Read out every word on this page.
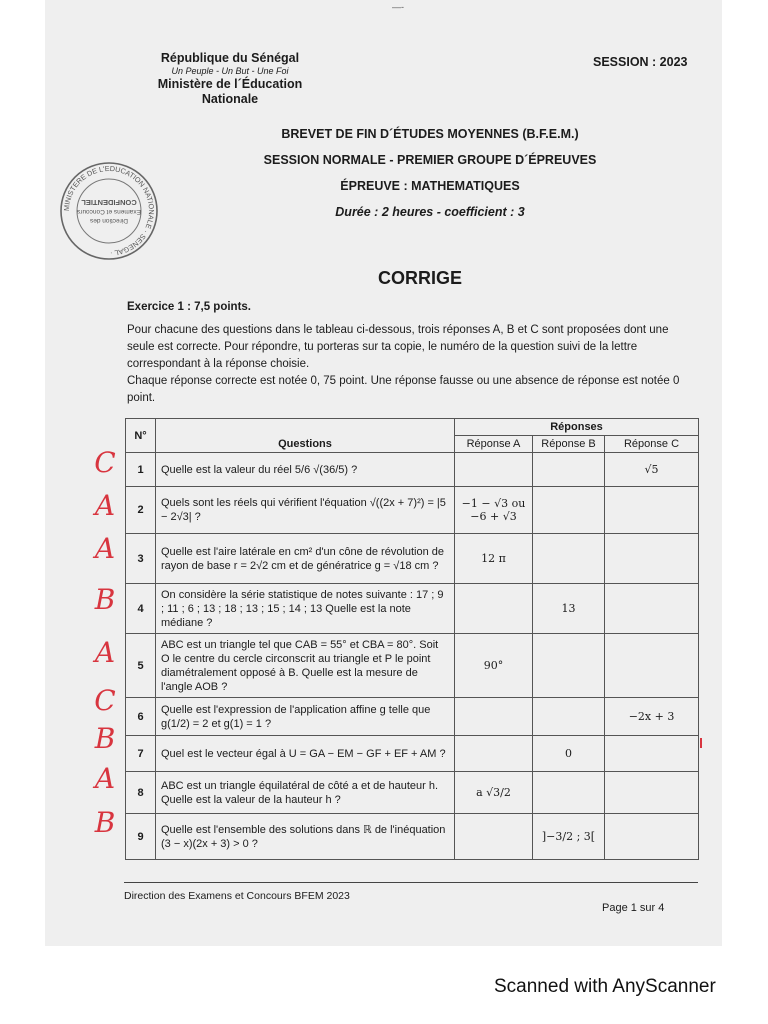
—-
République du Sénégal
Un Peuple - Un But - Une Foi
Ministère de l´Éducation Nationale
SESSION : 2023
MINISTERE DE L'EDUCATION NATIONALE · SENEGAL ·
Direction des
Examens et Concours
CONFIDENTIEL
BREVET DE FIN D´ÉTUDES MOYENNES (B.F.E.M.)
SESSION NORMALE - PREMIER GROUPE D´ÉPREUVES
ÉPREUVE : MATHEMATIQUES
Durée : 2 heures - coefficient : 3
CORRIGE
Exercice 1 : 7,5 points.

Pour chacune des questions dans le tableau ci-dessous, trois réponses A, B et C sont proposées dont une seule est correcte. Pour répondre, tu porteras sur ta copie, le numéro de la question suivi de la lettre correspondant à la réponse choisie.

Chaque réponse correcte est notée 0, 75 point. Une réponse fausse ou une absence de réponse est notée 0 point.

N°	Questions	Réponses		
		Réponse A	Réponse B	Réponse C
1	Quelle est la valeur du réel 5/6 √(36/5) ?			√5
2	Quels sont les réels qui vérifient l'équation √((2x + 7)²) = |5 − 2√3| ?	−1 − √3 ou −6 + √3		
3	Quelle est l'aire latérale en cm² d'un cône de révolution de rayon de base r = 2√2 cm et de génératrice g = √18 cm ?	12 π		
4	On considère la série statistique de notes suivante : 17 ; 9 ; 11 ; 6 ; 13 ; 18 ; 13 ; 15 ; 14 ; 13 Quelle est la note médiane ?		13	
5	ABC est un triangle tel que CAB = 55° et CBA = 80°. Soit O le centre du cercle circonscrit au triangle et P le point diamétralement opposé à B. Quelle est la mesure de l'angle AOB ?	90°		
6	Quelle est l'expression de l'application affine g telle que g(1/2) = 2 et g(1) = 1 ?			−2x + 3
7	Quel est le vecteur égal à U = GA − EM − GF + EF + AM ?		0	
8	ABC est un triangle équilatéral de côté a et de hauteur h. Quelle est la valeur de la hauteur h ?	a √3/2		
9	Quelle est l'ensemble des solutions dans ℝ de l'inéquation (3 − x)(2x + 3) > 0 ?		]−3/2 ; 3[	
C
A
A
B
A
C
B
A
B
Direction des Examens et Concours BFEM 2023
Page 1 sur 4
Scanned with AnyScanner
